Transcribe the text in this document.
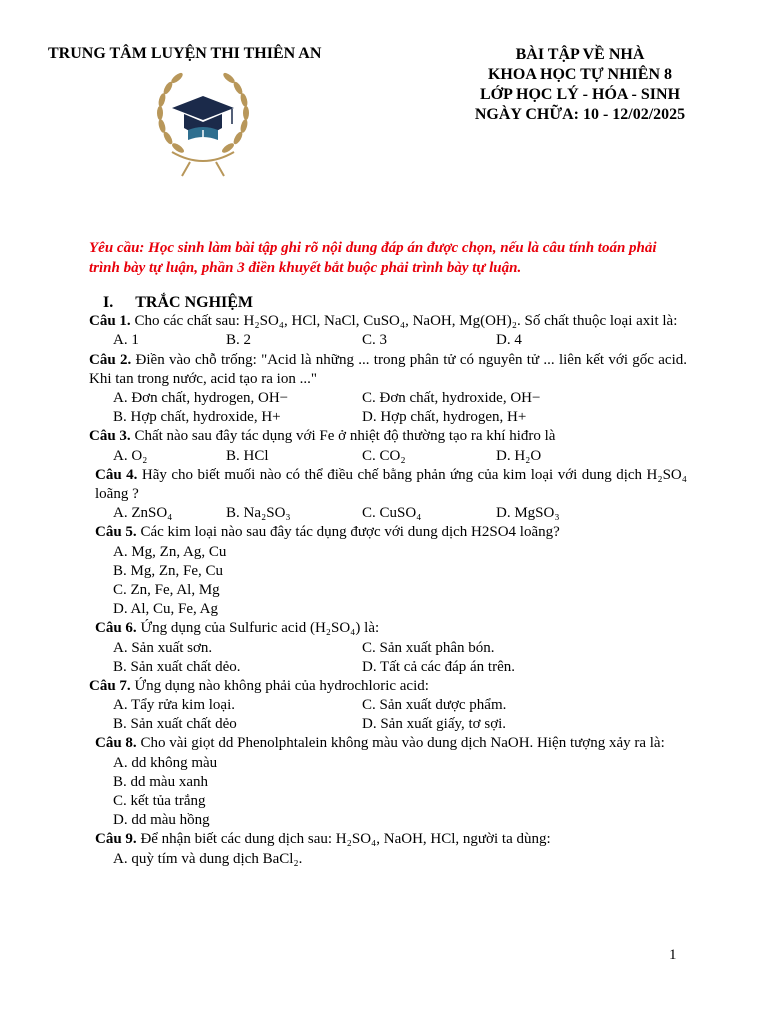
TRUNG TÂM LUYỆN THI THIÊN AN	BÀI TẬP VỀ NHÀ
KHOA HỌC TỰ NHIÊN 8
LỚP HỌC LÝ - HÓA - SINH
NGÀY CHỮA: 10 - 12/02/2025
Yêu cầu: Học sinh làm bài tập ghi rõ nội dung đáp án được chọn, nếu là câu tính toán phải trình bày tự luận, phần 3 điền khuyết bắt buộc phải trình bày tự luận.
I. TRẮC NGHIỆM
Câu 1. Cho các chất sau: H₂SO₄, HCl, NaCl, CuSO₄, NaOH, Mg(OH)₂. Số chất thuộc loại axit là:
A. 1	B. 2	C. 3	D. 4
Câu 2. Điền vào chỗ trống: "Acid là những ... trong phân tử có nguyên tử ... liên kết với gốc acid. Khi tan trong nước, acid tạo ra ion ..."
A. Đơn chất, hydrogen, OH−	C. Đơn chất, hydroxide, OH−
B. Hợp chất, hydroxide, H+	D. Hợp chất, hydrogen, H+
Câu 3. Chất nào sau đây tác dụng với Fe ở nhiệt độ thường tạo ra khí hiđro là
A. O₂	B. HCl	C. CO₂	D. H₂O
Câu 4. Hãy cho biết muối nào có thể điều chế bằng phản ứng của kim loại với dung dịch H₂SO₄ loãng ?
A. ZnSO₄	B. Na₂SO₃	C. CuSO₄	D. MgSO₃
Câu 5. Các kim loại nào sau đây tác dụng được với dung dịch H2SO4 loãng?
A. Mg, Zn, Ag, Cu
B. Mg, Zn, Fe, Cu
C. Zn, Fe, Al, Mg
D. Al, Cu, Fe, Ag
Câu 6. Ứng dụng của Sulfuric acid (H₂SO₄) là:
A. Sản xuất sơn.	C. Sản xuất phân bón.
B. Sản xuất chất dẻo.	D. Tất cả các đáp án trên.
Câu 7. Ứng dụng nào không phải của hydrochloric acid:
A. Tẩy rửa kim loại.	C. Sản xuất dược phẩm.
B. Sản xuất chất dẻo	D. Sản xuất giấy, tơ sợi.
Câu 8. Cho vài giọt dd Phenolphtalein không màu vào dung dịch NaOH. Hiện tượng xảy ra là:
A. dd không màu
B. dd màu xanh
C. kết tủa trắng
D. dd màu hồng
Câu 9. Để nhận biết các dung dịch sau: H₂SO₄, NaOH, HCl, người ta dùng:
A. quỳ tím và dung dịch BaCl₂.
1
